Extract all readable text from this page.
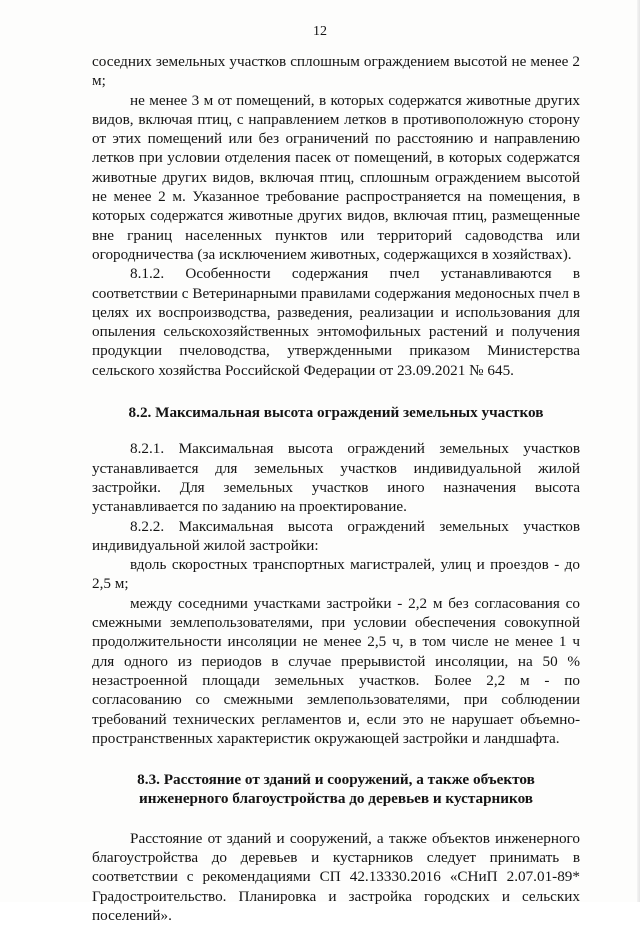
12

соседних земельных участков сплошным ограждением высотой не менее 2 м;

не менее 3 м от помещений, в которых содержатся животные других видов, включая птиц, с направлением летков в противоположную сторону от этих помещений или без ограничений по расстоянию и направлению летков при условии отделения пасек от помещений, в которых содержатся животные других видов, включая птиц, сплошным ограждением высотой не менее 2 м. Указанное требование распространяется на помещения, в которых содержатся животные других видов, включая птиц, размещенные вне границ населенных пунктов или территорий садоводства или огородничества (за исключением животных, содержащихся в хозяйствах).

8.1.2. Особенности содержания пчел устанавливаются в соответствии с Ветеринарными правилами содержания медоносных пчел в целях их воспроизводства, разведения, реализации и использования для опыления сельскохозяйственных энтомофильных растений и получения продукции пчеловодства, утвержденными приказом Министерства сельского хозяйства Российской Федерации от 23.09.2021 № 645.

8.2. Максимальная высота ограждений земельных участков

8.2.1. Максимальная высота ограждений земельных участков устанавливается для земельных участков индивидуальной жилой застройки. Для земельных участков иного назначения высота устанавливается по заданию на проектирование.

8.2.2. Максимальная высота ограждений земельных участков индивидуальной жилой застройки:

вдоль скоростных транспортных магистралей, улиц и проездов - до 2,5 м;

между соседними участками застройки - 2,2 м без согласования со смежными землепользователями, при условии обеспечения совокупной продолжительности инсоляции не менее 2,5 ч, в том числе не менее 1 ч для одного из периодов в случае прерывистой инсоляции, на 50 % незастроенной площади земельных участков. Более 2,2 м - по согласованию со смежными землепользователями, при соблюдении требований технических регламентов и, если это не нарушает объемно-пространственных характеристик окружающей застройки и ландшафта.

8.3. Расстояние от зданий и сооружений, а также объектов
инженерного благоустройства до деревьев и кустарников

Расстояние от зданий и сооружений, а также объектов инженерного благоустройства до деревьев и кустарников следует принимать в соответствии с рекомендациями СП 42.13330.2016 «СНиП 2.07.01-89* Градостроительство. Планировка и застройка городских и сельских поселений».
